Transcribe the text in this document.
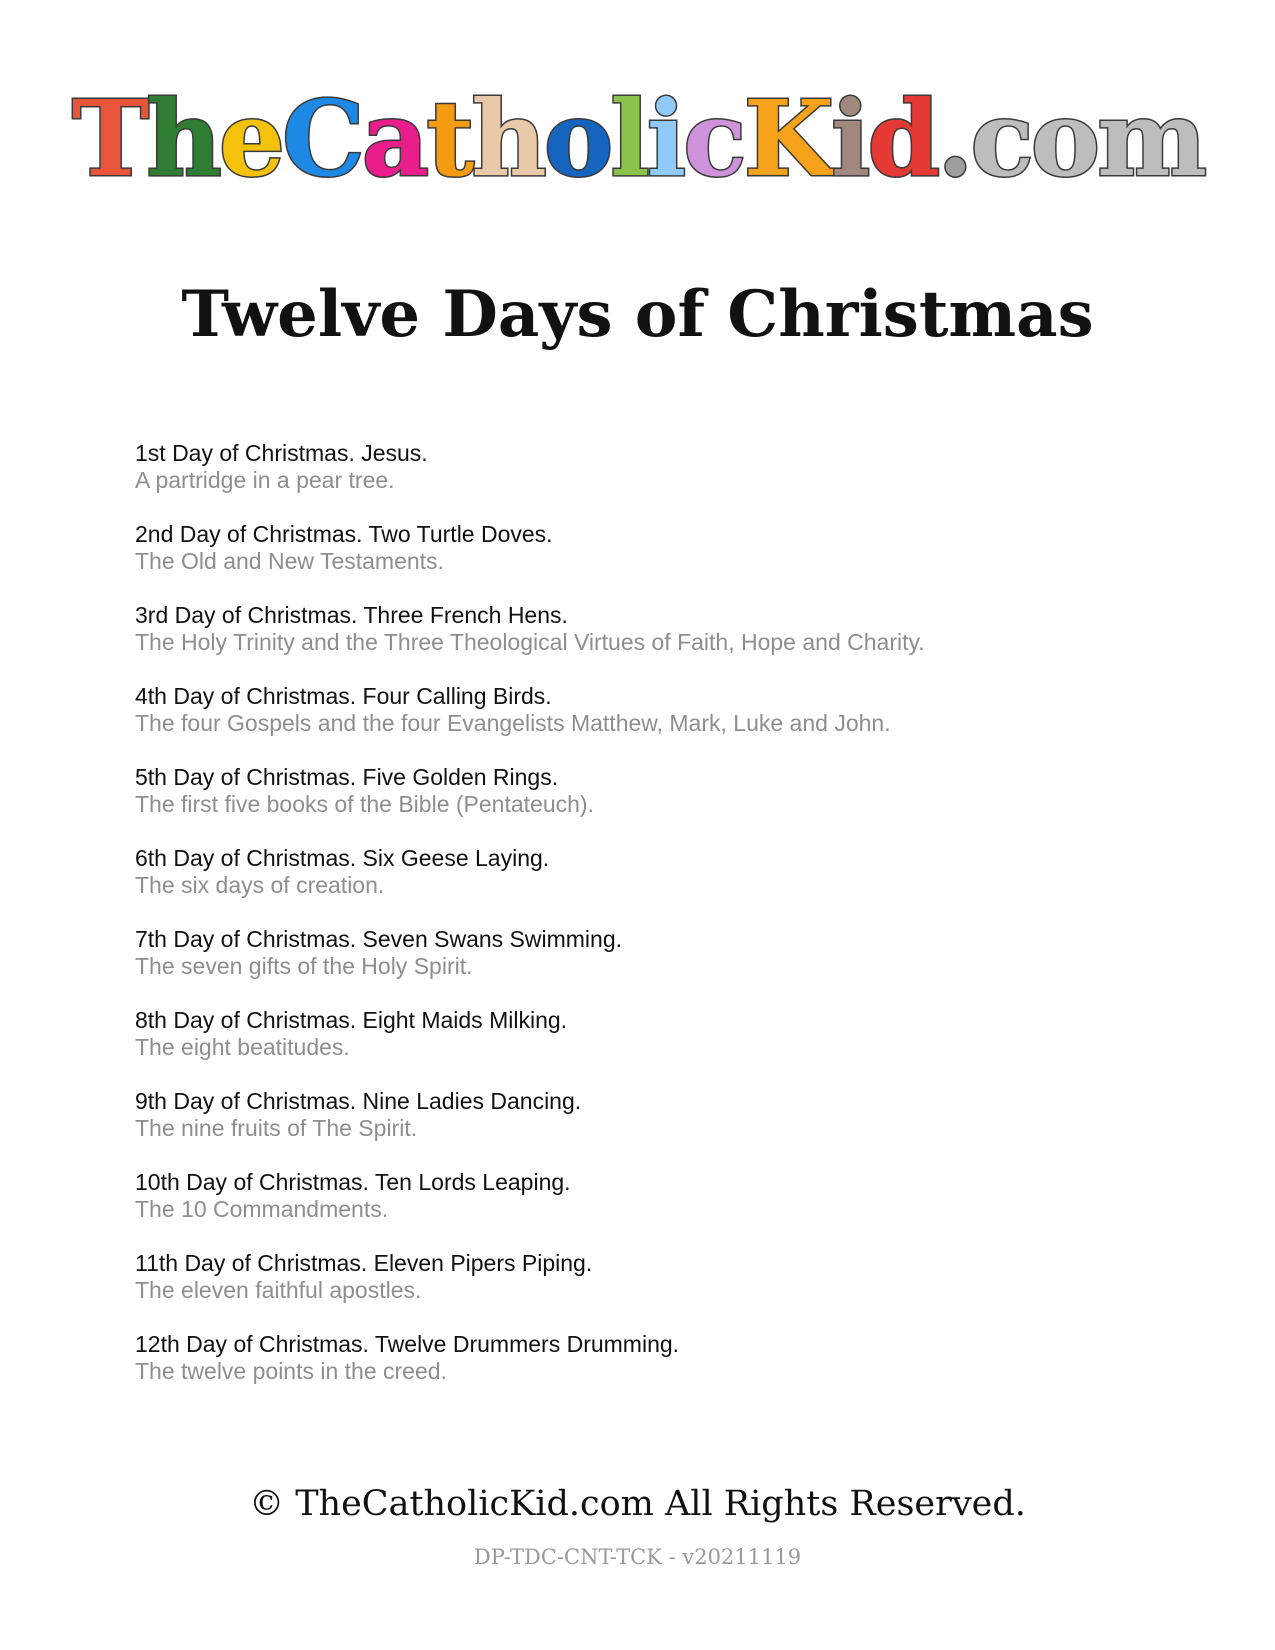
T h e C a t h o l i c K i d . c o m
Twelve Days of Christmas
1st Day of Christmas. Jesus.
A partridge in a pear tree.
2nd Day of Christmas. Two Turtle Doves.
The Old and New Testaments.
3rd Day of Christmas. Three French Hens.
The Holy Trinity and the Three Theological Virtues of Faith, Hope and Charity.
4th Day of Christmas. Four Calling Birds.
The four Gospels and the four Evangelists Matthew, Mark, Luke and John.
5th Day of Christmas. Five Golden Rings.
The first five books of the Bible (Pentateuch).
6th Day of Christmas. Six Geese Laying.
The six days of creation.
7th Day of Christmas. Seven Swans Swimming.
The seven gifts of the Holy Spirit.
8th Day of Christmas. Eight Maids Milking.
The eight beatitudes.
9th Day of Christmas. Nine Ladies Dancing.
The nine fruits of The Spirit.
10th Day of Christmas. Ten Lords Leaping.
The 10 Commandments.
11th Day of Christmas. Eleven Pipers Piping.
The eleven faithful apostles.
12th Day of Christmas. Twelve Drummers Drumming.
The twelve points in the creed.
© TheCatholicKid.com All Rights Reserved.
DP-TDC-CNT-TCK - v20211119
